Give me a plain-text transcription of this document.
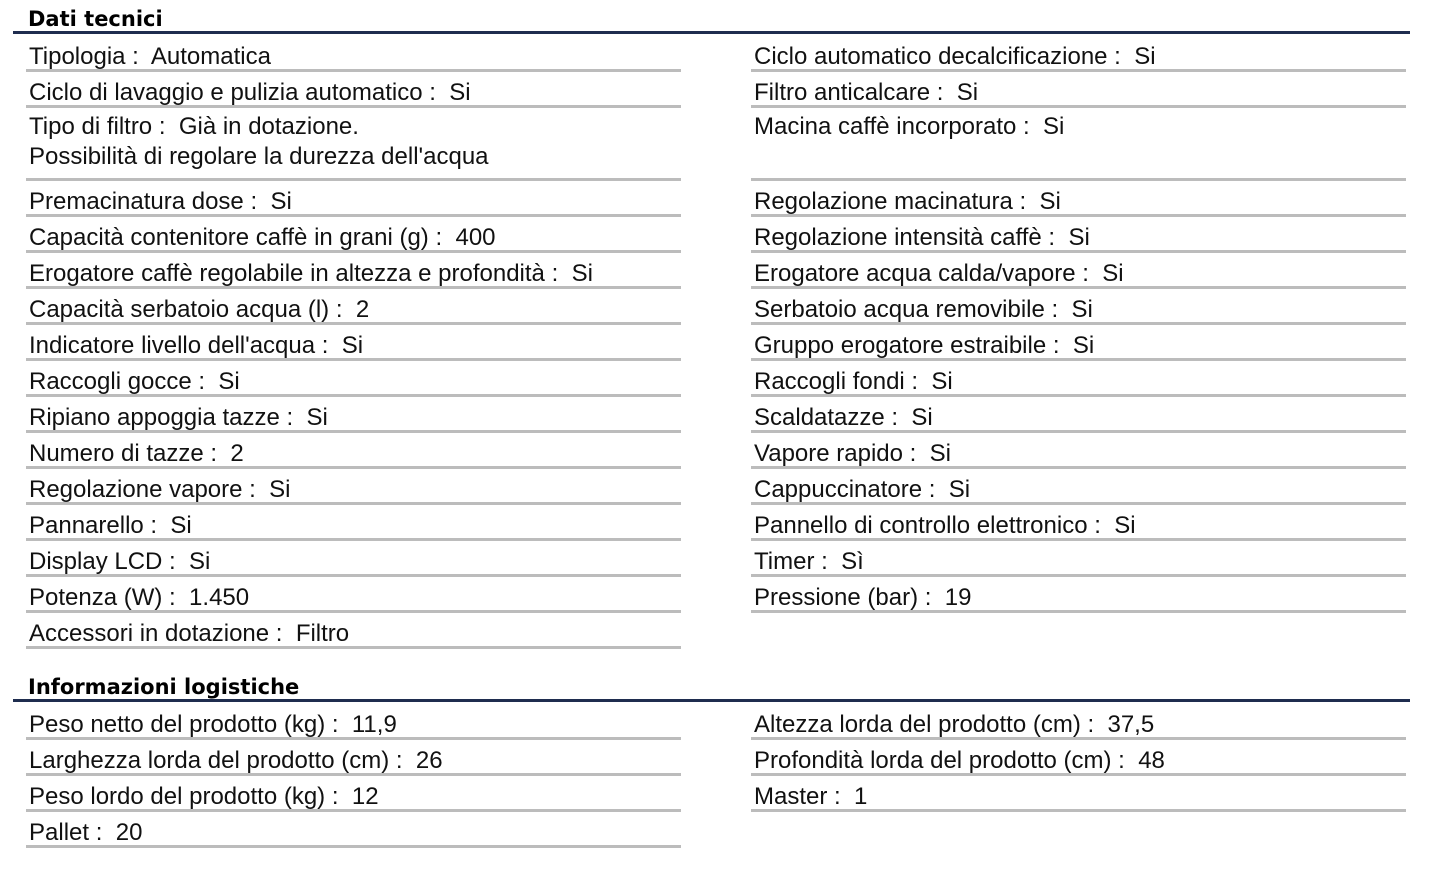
Dati tecnici
Tipologia :  Automatica
Ciclo di lavaggio e pulizia automatico :  Si
Tipo di filtro :  Già in dotazione.
Possibilità di regolare la durezza dell'acqua
Premacinatura dose :  Si
Capacità contenitore caffè in grani (g) :  400
Erogatore caffè regolabile in altezza e profondità :  Si
Capacità serbatoio acqua (l) :  2
Indicatore livello dell'acqua :  Si
Raccogli gocce :  Si
Ripiano appoggia tazze :  Si
Numero di tazze :  2
Regolazione vapore :  Si
Pannarello :  Si
Display LCD :  Si
Potenza (W) :  1.450
Accessori in dotazione :  Filtro
Ciclo automatico decalcificazione :  Si
Filtro anticalcare :  Si
Macina caffè incorporato :  Si
Regolazione macinatura :  Si
Regolazione intensità caffè :  Si
Erogatore acqua calda/vapore :  Si
Serbatoio acqua removibile :  Si
Gruppo erogatore estraibile :  Si
Raccogli fondi :  Si
Scaldatazze :  Si
Vapore rapido :  Si
Cappuccinatore :  Si
Pannello di controllo elettronico :  Si
Timer :  Sì
Pressione (bar) :  19
Informazioni logistiche
Peso netto del prodotto (kg) :  11,9
Larghezza lorda del prodotto (cm) :  26
Peso lordo del prodotto (kg) :  12
Pallet :  20
Altezza lorda del prodotto (cm) :  37,5
Profondità lorda del prodotto (cm) :  48
Master :  1
